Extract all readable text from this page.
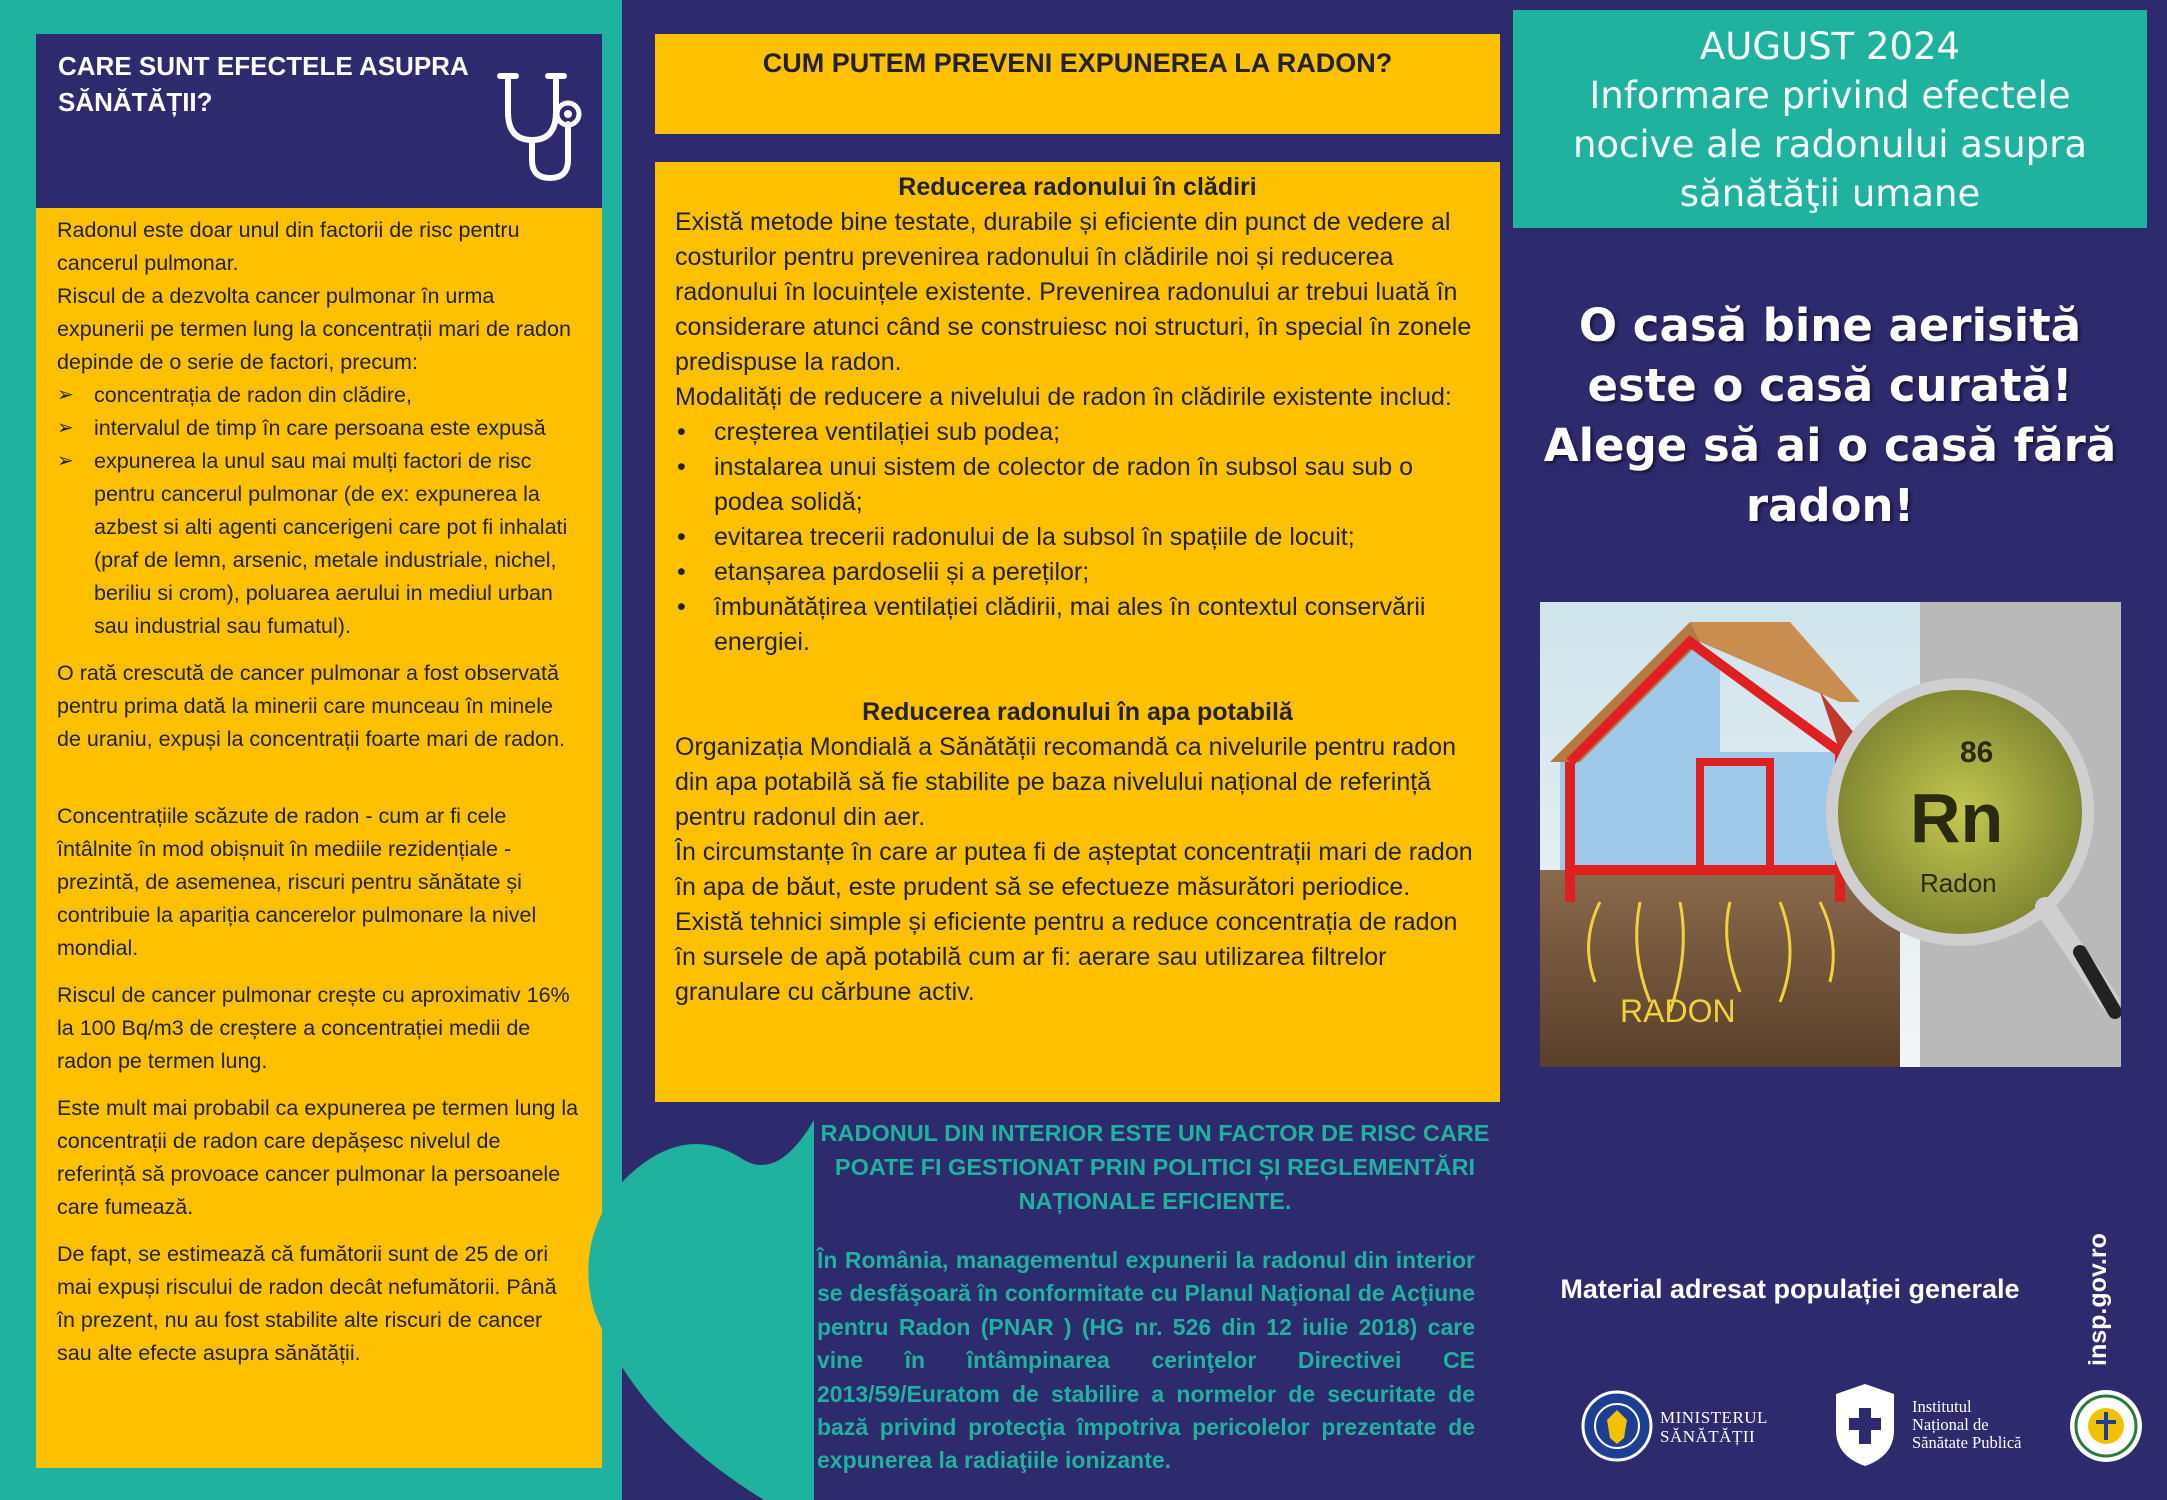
CARE SUNT EFECTELE ASUPRA
SĂNĂTĂȚII?

Radonul este doar unul din factorii de risc pentru cancerul pulmonar.

Riscul de a dezvolta cancer pulmonar în urma expunerii pe termen lung la concentrații mari de radon depinde de o serie de factori, precum:

➢ concentrația de radon din clădire,
➢ intervalul de timp în care persoana este expusă
➢ expunerea la unul sau mai mulți factori de risc pentru cancerul pulmonar (de ex: expunerea la azbest si alti agenti cancerigeni care pot fi inhalati (praf de lemn, arsenic, metale industriale, nichel, beriliu si crom), poluarea aerului in mediul urban sau industrial sau fumatul).

O rată crescută de cancer pulmonar a fost observată pentru prima dată la minerii care munceau în minele de uraniu, expuși la concentrații foarte mari de radon.

Concentrațiile scăzute de radon - cum ar fi cele întâlnite în mod obișnuit în mediile rezidențiale - prezintă, de asemenea, riscuri pentru sănătate și contribuie la apariția cancerelor pulmonare la nivel mondial.

Riscul de cancer pulmonar crește cu aproximativ 16% la 100 Bq/m3 de creștere a concentrației medii de radon pe termen lung.

Este mult mai probabil ca expunerea pe termen lung la concentrații de radon care depășesc nivelul de referință să provoace cancer pulmonar la persoanele care fumează.

De fapt, se estimează că fumătorii sunt de 25 de ori mai expuși riscului de radon decât nefumătorii. Până în prezent, nu au fost stabilite alte riscuri de cancer sau alte efecte asupra sănătății.

CUM PUTEM PREVENI EXPUNEREA LA RADON?
Reducerea radonului în clădiri

Există metode bine testate, durabile și eficiente din punct de vedere al costurilor pentru prevenirea radonului în clădirile noi și reducerea radonului în locuințele existente. Prevenirea radonului ar trebui luată în considerare atunci când se construiesc noi structuri, în special în zonele predispuse la radon.

Modalități de reducere a nivelului de radon în clădirile existente includ:

• creșterea ventilației sub podea;
• instalarea unui sistem de colector de radon în subsol sau sub o podea solidă;
• evitarea trecerii radonului de la subsol în spațiile de locuit;
• etanșarea pardoselii și a pereților;
• îmbunătățirea ventilației clădirii, mai ales în contextul conservării energiei.
Reducerea radonului în apa potabilă

Organizația Mondială a Sănătății recomandă ca nivelurile pentru radon din apa potabilă să fie stabilite pe baza nivelului național de referință pentru radonul din aer.

În circumstanțe în care ar putea fi de așteptat concentrații mari de radon în apa de băut, este prudent să se efectueze măsurători periodice.

Există tehnici simple și eficiente pentru a reduce concentrația de radon în sursele de apă potabilă cum ar fi: aerare sau utilizarea filtrelor granulare cu cărbune activ.

RADONUL DIN INTERIOR ESTE UN FACTOR DE RISC CARE POATE FI GESTIONAT PRIN POLITICI ȘI REGLEMENTĂRI NAȚIONALE EFICIENTE.
În România, managementul expunerii la radonul din interior se desfăşoară în conformitate cu Planul Naţional de Acţiune pentru Radon (PNAR ) (HG nr. 526 din 12 iulie 2018) care vine în întâmpinarea cerinţelor Directivei CE 2013/59/Euratom de stabilire a normelor de securitate de bază privind protecţia împotriva pericolelor prezentate de expunerea la radiaţiile ionizante.
AUGUST 2024
Informare privind efectele
nocive ale radonului asupra
sănătăţii umane
O casă bine aerisită
este o casă curată!
Alege să ai o casă fără
radon!
RADON
86
Rn
Radon
Material adresat populației generale	insp.gov.ro
MINISTERUL
SĂNĂTĂȚII
Institutul
Național de
Sănătate Publică
